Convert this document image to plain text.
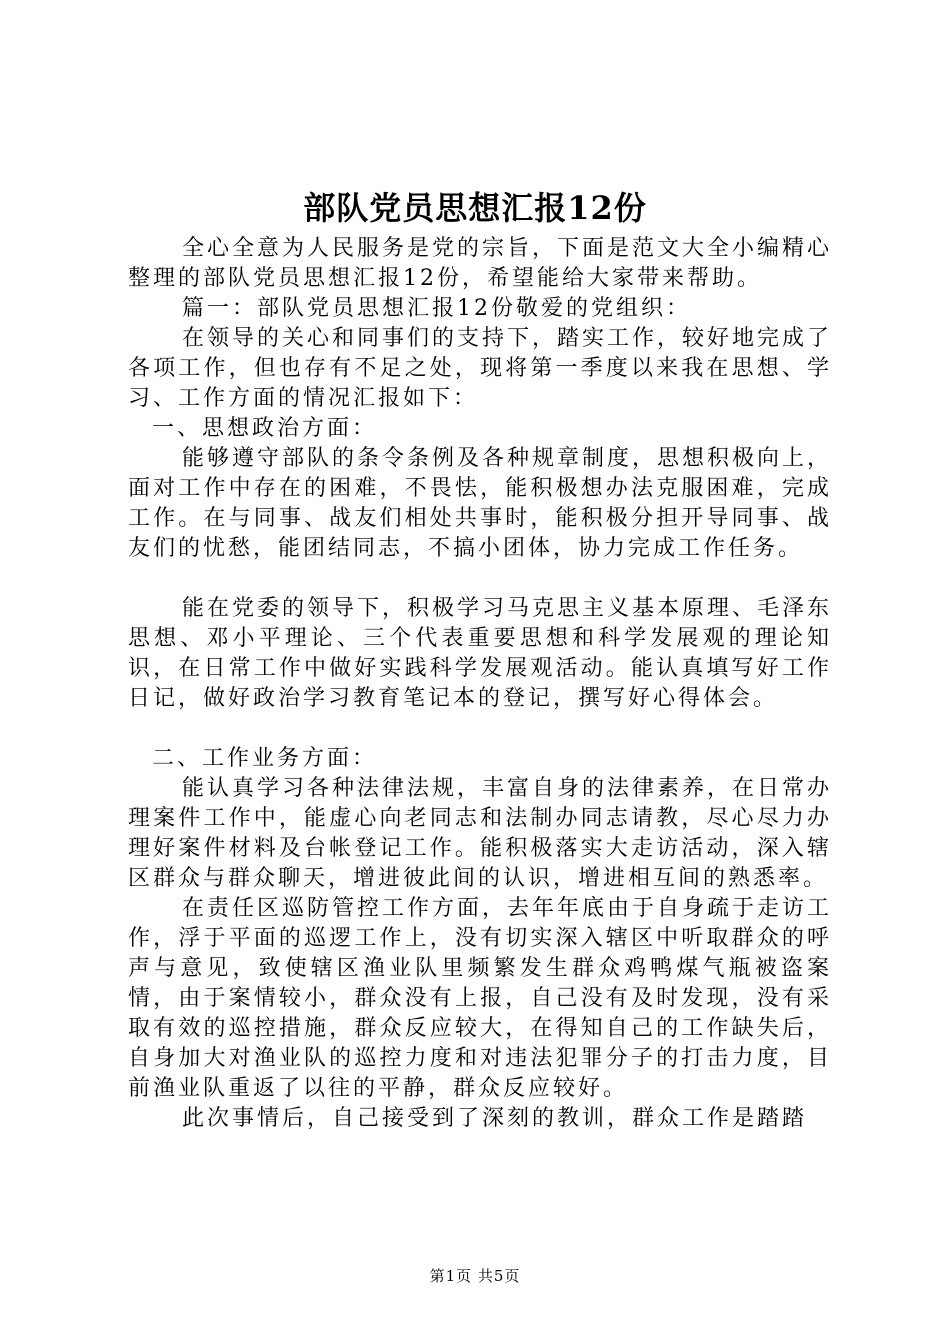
部队党员思想汇报12份

全心全意为人民服务是党的宗旨，下面是范文大全小编精心整理的部队党员思想汇报12份，希望能给大家带来帮助。

篇一：部队党员思想汇报12份敬爱的党组织：

在领导的关心和同事们的支持下，踏实工作，较好地完成了各项工作，但也存有不足之处，现将第一季度以来我在思想、学习、工作方面的情况汇报如下：

一、思想政治方面：

能够遵守部队的条令条例及各种规章制度，思想积极向上，面对工作中存在的困难，不畏怯，能积极想办法克服困难，完成工作。在与同事、战友们相处共事时，能积极分担开导同事、战友们的忧愁，能团结同志，不搞小团体，协力完成工作任务。

能在党委的领导下，积极学习马克思主义基本原理、毛泽东思想、邓小平理论、三个代表重要思想和科学发展观的理论知识，在日常工作中做好实践科学发展观活动。能认真填写好工作日记，做好政治学习教育笔记本的登记，撰写好心得体会。

二、工作业务方面：

能认真学习各种法律法规，丰富自身的法律素养，在日常办理案件工作中，能虚心向老同志和法制办同志请教，尽心尽力办理好案件材料及台帐登记工作。能积极落实大走访活动，深入辖区群众与群众聊天，增进彼此间的认识，增进相互间的熟悉率。

在责任区巡防管控工作方面，去年年底由于自身疏于走访工作，浮于平面的巡逻工作上，没有切实深入辖区中听取群众的呼声与意见，致使辖区渔业队里频繁发生群众鸡鸭煤气瓶被盗案情，由于案情较小，群众没有上报，自己没有及时发现，没有采取有效的巡控措施，群众反应较大，在得知自己的工作缺失后，自身加大对渔业队的巡控力度和对违法犯罪分子的打击力度，目前渔业队重返了以往的平静，群众反应较好。

此次事情后，自己接受到了深刻的教训，群众工作是踏踏

第1页 共5页
